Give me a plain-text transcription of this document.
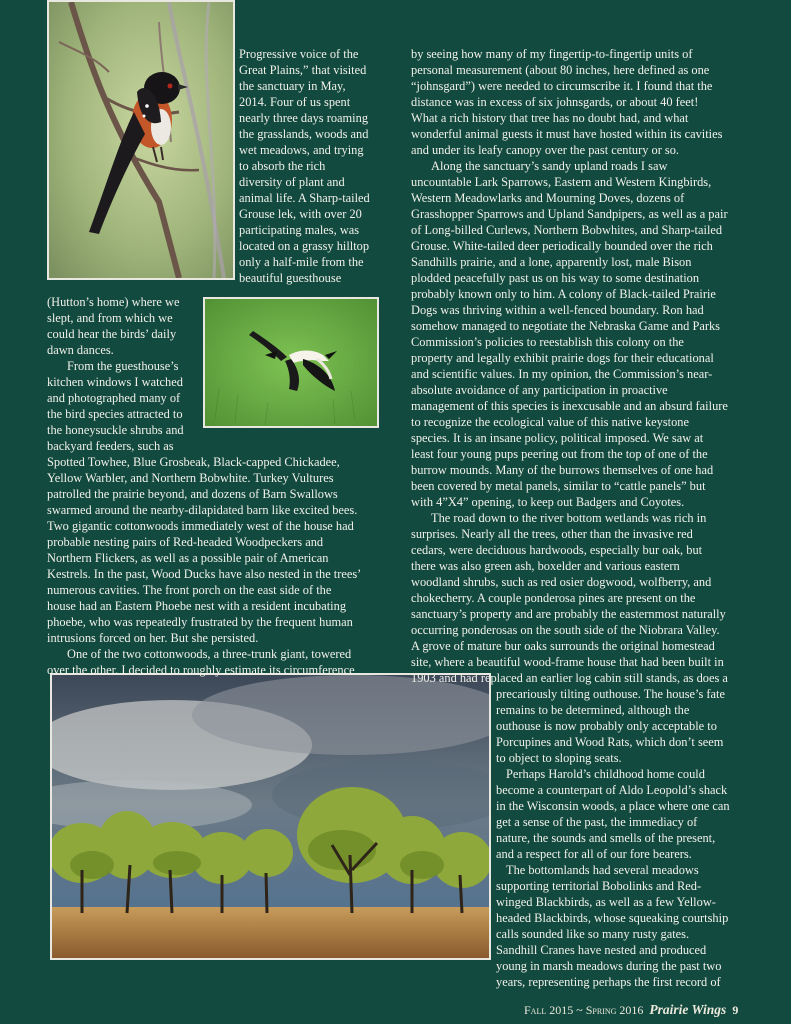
Progressive voice of the
Great Plains,” that visited
the sanctuary in May,
2014. Four of us spent
nearly three days roaming
the grasslands, woods and
wet meadows, and trying
to absorb the rich
diversity of plant and
animal life. A Sharp-tailed
Grouse lek, with over 20
participating males, was
located on a grassy hilltop
only a half-mile from the
beautiful guesthouse
(Hutton’s home) where we
slept, and from which we
could hear the birds’ daily
dawn dances.
From the guesthouse’s
kitchen windows I watched
and photographed many of
the bird species attracted to
the honeysuckle shrubs and
backyard feeders, such as
Spotted Towhee, Blue Grosbeak, Black-capped Chickadee,
Yellow Warbler, and Northern Bobwhite. Turkey Vultures
patrolled the prairie beyond, and dozens of Barn Swallows
swarmed around the nearby-dilapidated barn like excited bees.
Two gigantic cottonwoods immediately west of the house had
probable nesting pairs of Red-headed Woodpeckers and
Northern Flickers, as well as a possible pair of American
Kestrels. In the past, Wood Ducks have also nested in the trees’
numerous cavities. The front porch on the east side of the
house had an Eastern Phoebe nest with a resident incubating
phoebe, who was repeatedly frustrated by the frequent human
intrusions forced on her. But she persisted.
One of the two cottonwoods, a three-trunk giant, towered
over the other. I decided to roughly estimate its circumference
by seeing how many of my fingertip-to-fingertip units of
personal measurement (about 80 inches, here defined as one
“johnsgard”) were needed to circumscribe it. I found that the
distance was in excess of six johnsgards, or about 40 feet!
What a rich history that tree has no doubt had, and what
wonderful animal guests it must have hosted within its cavities
and under its leafy canopy over the past century or so.
Along the sanctuary’s sandy upland roads I saw
uncountable Lark Sparrows, Eastern and Western Kingbirds,
Western Meadowlarks and Mourning Doves, dozens of
Grasshopper Sparrows and Upland Sandpipers, as well as a pair
of Long-billed Curlews, Northern Bobwhites, and Sharp-tailed
Grouse. White-tailed deer periodically bounded over the rich
Sandhills prairie, and a lone, apparently lost, male Bison
plodded peacefully past us on his way to some destination
probably known only to him. A colony of Black-tailed Prairie
Dogs was thriving within a well-fenced boundary. Ron had
somehow managed to negotiate the Nebraska Game and Parks
Commission’s policies to reestablish this colony on the
property and legally exhibit prairie dogs for their educational
and scientific values. In my opinion, the Commission’s near-
absolute avoidance of any participation in proactive
management of this species is inexcusable and an absurd failure
to recognize the ecological value of this native keystone
species. It is an insane policy, political imposed. We saw at
least four young pups peering out from the top of one of the
burrow mounds. Many of the burrows themselves of one had
been covered by metal panels, similar to “cattle panels” but
with 4”X4” opening, to keep out Badgers and Coyotes.
The road down to the river bottom wetlands was rich in
surprises. Nearly all the trees, other than the invasive red
cedars, were deciduous hardwoods, especially bur oak, but
there was also green ash, boxelder and various eastern
woodland shrubs, such as red osier dogwood, wolfberry, and
chokecherry. A couple ponderosa pines are present on the
sanctuary’s property and are probably the easternmost naturally
occurring ponderosas on the south side of the Niobrara Valley.
A grove of mature bur oaks surrounds the original homestead
site, where a beautiful wood-frame house that had been built in
1903 and had replaced an earlier log cabin still stands, as does a
precariously tilting outhouse. The house’s fate
remains to be determined, although the
outhouse is now probably only acceptable to
Porcupines and Wood Rats, which don’t seem
to object to sloping seats.
Perhaps Harold’s childhood home could
become a counterpart of Aldo Leopold’s shack
in the Wisconsin woods, a place where one can
get a sense of the past, the immediacy of
nature, the sounds and smells of the present,
and a respect for all of our fore bearers.
The bottomlands had several meadows
supporting territorial Bobolinks and Red-
winged Blackbirds, as well as a few Yellow-
headed Blackbirds, whose squeaking courtship
calls sounded like so many rusty gates.
Sandhill Cranes have nested and produced
young in marsh meadows during the past two
years, representing perhaps the first record of
Fall 2015 ~ Spring 2016 Prairie Wings 9
